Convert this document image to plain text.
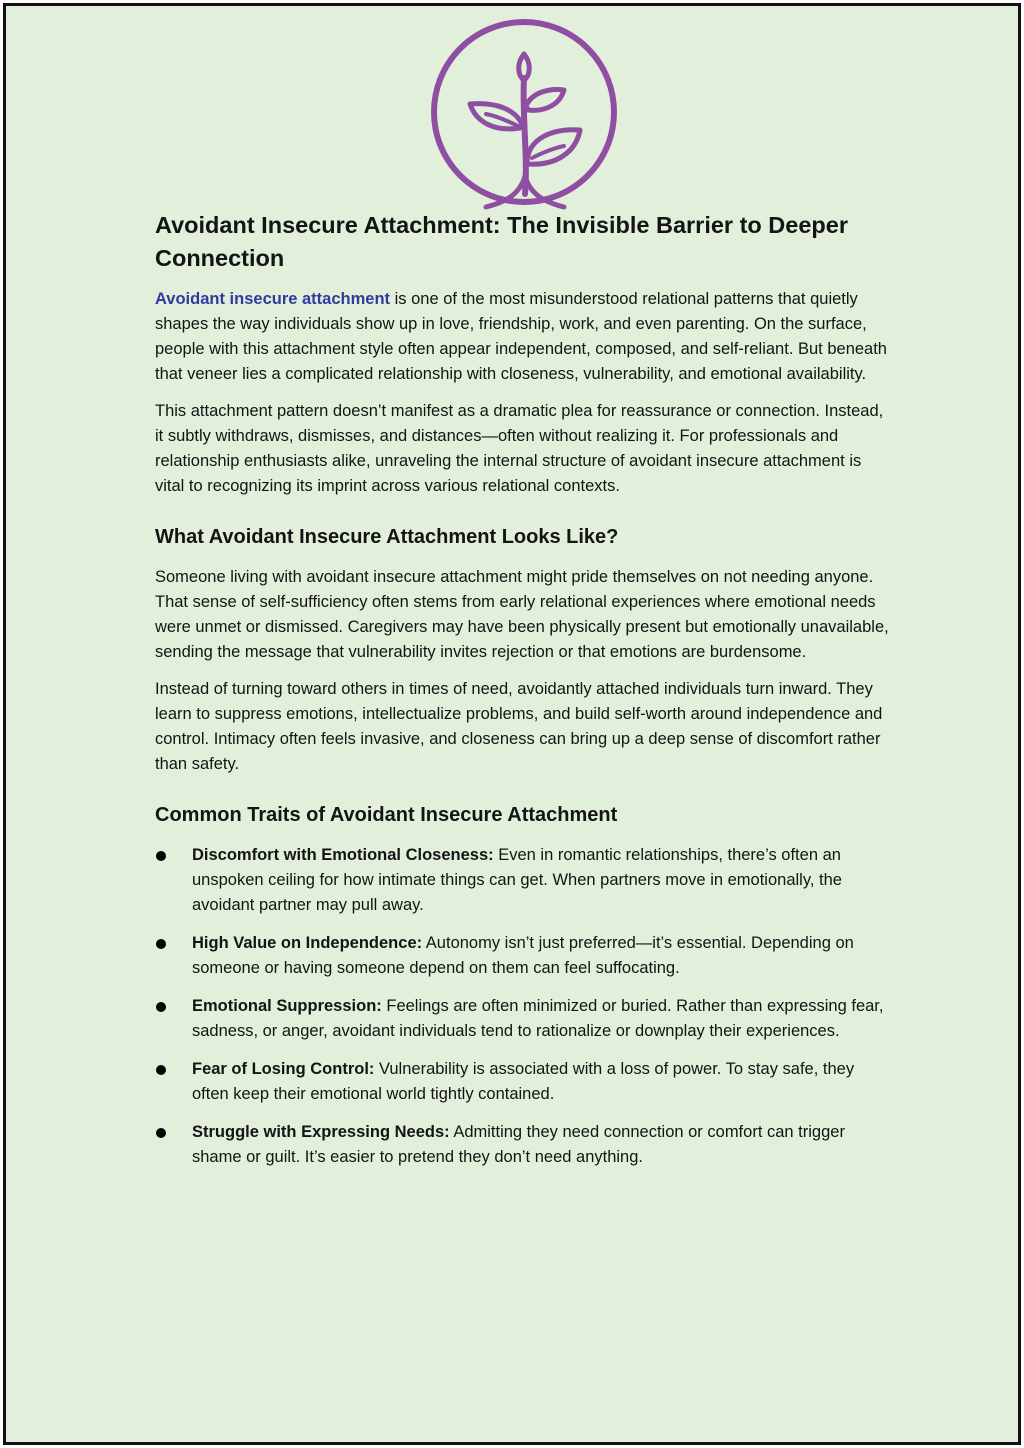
Avoidant Insecure Attachment: The Invisible Barrier to Deeper Connection

Avoidant insecure attachment is one of the most misunderstood relational patterns that quietly shapes the way individuals show up in love, friendship, work, and even parenting. On the surface, people with this attachment style often appear independent, composed, and self-reliant. But beneath that veneer lies a complicated relationship with closeness, vulnerability, and emotional availability.

This attachment pattern doesn’t manifest as a dramatic plea for reassurance or connection. Instead, it subtly withdraws, dismisses, and distances—often without realizing it. For professionals and relationship enthusiasts alike, unraveling the internal structure of avoidant insecure attachment is vital to recognizing its imprint across various relational contexts.

What Avoidant Insecure Attachment Looks Like?

Someone living with avoidant insecure attachment might pride themselves on not needing anyone. That sense of self-sufficiency often stems from early relational experiences where emotional needs were unmet or dismissed. Caregivers may have been physically present but emotionally unavailable, sending the message that vulnerability invites rejection or that emotions are burdensome.

Instead of turning toward others in times of need, avoidantly attached individuals turn inward. They learn to suppress emotions, intellectualize problems, and build self-worth around independence and control. Intimacy often feels invasive, and closeness can bring up a deep sense of discomfort rather than safety.

Common Traits of Avoidant Insecure Attachment
Discomfort with Emotional Closeness: Even in romantic relationships, there’s often an unspoken ceiling for how intimate things can get. When partners move in emotionally, the avoidant partner may pull away.
High Value on Independence: Autonomy isn’t just preferred—it’s essential. Depending on someone or having someone depend on them can feel suffocating.
Emotional Suppression: Feelings are often minimized or buried. Rather than expressing fear, sadness, or anger, avoidant individuals tend to rationalize or downplay their experiences.
Fear of Losing Control: Vulnerability is associated with a loss of power. To stay safe, they often keep their emotional world tightly contained.
Struggle with Expressing Needs: Admitting they need connection or comfort can trigger shame or guilt. It’s easier to pretend they don’t need anything.
